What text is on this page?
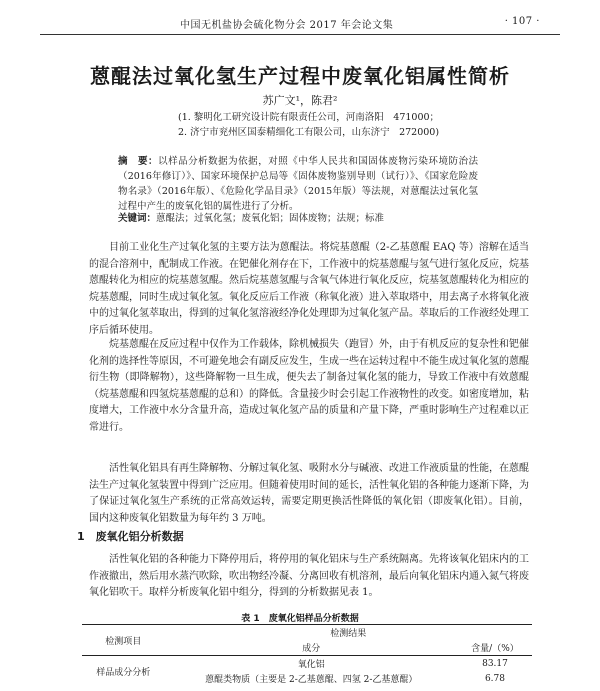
中国无机盐协会硫化物分会 2017 年会论文集	· 107 ·
蒽醌法过氧化氢生产过程中废氧化铝属性简析
苏广文¹，陈君²
(1. 黎明化工研究设计院有限责任公司，河南洛阳　471000；
2. 济宁市兖州区国泰精细化工有限公司，山东济宁　272000)
摘　要：以样品分析数据为依据，对照《中华人民共和国固体废物污染环境防治法（2016年修订）》、国家环境保护总局等《固体废物鉴别导则（试行）》、《国家危险废物名录》（2016年版）、《危险化学品目录》（2015年版）等法规，对蒽醌法过氧化氢过程中产生的废氧化铝的属性进行了分析。
关键词：蒽醌法；过氧化氢；废氧化铝；固体废物；法规；标准

目前工业化生产过氧化氢的主要方法为蒽醌法。将烷基蒽醌（2-乙基蒽醌 EAQ 等）溶解在适当的混合溶剂中，配制成工作液。在钯催化剂存在下，工作液中的烷基蒽醌与氢气进行氢化反应，烷基蒽醌转化为相应的烷基蒽氢醌。然后烷基蒽氢醌与含氧气体进行氧化反应，烷基氢蒽醌转化为相应的烷基蒽醌，同时生成过氧化氢。氧化反应后工作液（称氧化液）进入萃取塔中，用去离子水将氧化液中的过氧化氢萃取出，得到的过氧化氢溶液经净化处理即为过氧化氢产品。萃取后的工作液经处理工序后循环使用。

烷基蒽醌在反应过程中仅作为工作载体，除机械损失（跑冒）外，由于有机反应的复杂性和钯催化剂的选择性等原因，不可避免地会有副反应发生，生成一些在运转过程中不能生成过氧化氢的蒽醌衍生物（即降解物），这些降解物一旦生成，便失去了制备过氧化氢的能力，导致工作液中有效蒽醌（烷基蒽醌和四氢烷基蒽醌的总和）的降低。含量接少时会引起工作液物性的改变。如密度增加，粘度增大，工作液中水分含量升高，造成过氧化氢产品的质量和产量下降，严重时影响生产过程难以正常进行。

活性氧化铝具有再生降解物、分解过氧化氢、吸附水分与碱液、改进工作液质量的性能，在蒽醌法生产过氧化氢装置中得到广泛应用。但随着使用时间的延长，活性氧化铝的各种能力逐渐下降，为了保证过氧化氢生产系统的正常高效运转，需要定期更换活性降低的氧化铝（即废氧化铝）。目前，国内这种废氧化铝数量为每年约 3 万吨。

1　废氧化铝分析数据

活性氧化铝的各种能力下降停用后，将停用的氧化铝床与生产系统隔离。先将该氧化铝床内的工作液撤出，然后用水蒸汽吹除，吹出物经冷凝、分离回收有机溶剂，最后向氧化铝床内通入氮气将废氧化铝吹干。取样分析废氧化铝中组分，得到的分析数据见表 1。

表 1　废氧化铝样品分析数据
检测项目	检测结果	
	成分	含量/（%）
样品成分分析	氧化铝	83.17
	蒽醌类物质（主要是 2-乙基蒽醌、四氢 2-乙基蒽醌）	6.78
